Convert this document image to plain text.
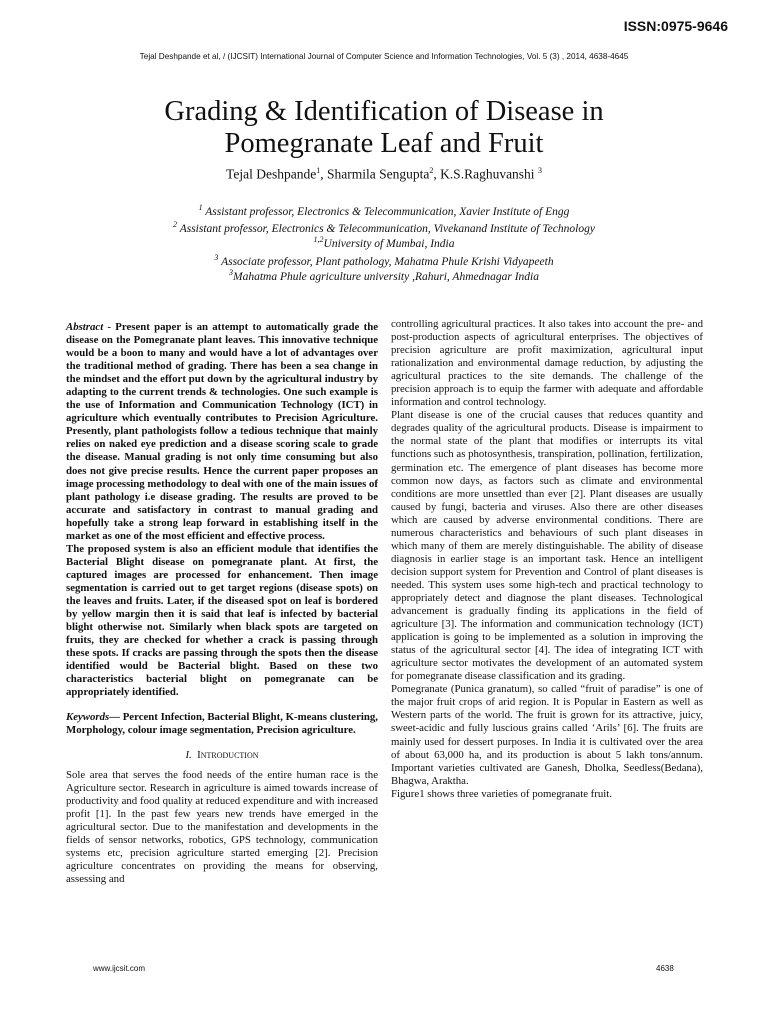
ISSN:0975-9646
Tejal Deshpande et al, / (IJCSIT) International Journal of Computer Science and Information Technologies, Vol. 5 (3) , 2014, 4638-4645
Grading & Identification of Disease in
Pomegranate Leaf and Fruit
Tejal Deshpande$^1$, Sharmila Sengupta$^2$, K.S.Raghuvanshi $^3$
$^1$ Assistant professor, Electronics & Telecommunication, Xavier Institute of Engg
$^2$ Assistant professor, Electronics & Telecommunication, Vivekanand Institute of Technology
$^{1,2}$University of Mumbai, India
$^3$ Associate professor, Plant pathology, Mahatma Phule Krishi Vidyapeeth
$^3$Mahatma Phule agriculture university ,Rahuri, Ahmednagar India

Abstract - Present paper is an attempt to automatically grade the disease on the Pomegranate plant leaves. This innovative technique would be a boon to many and would have a lot of advantages over the traditional method of grading. There has been a sea change in the mindset and the effort put down by the agricultural industry by adapting to the current trends & technologies. One such example is the use of Information and Communication Technology (ICT) in agriculture which eventually contributes to Precision Agriculture. Presently, plant pathologists follow a tedious technique that mainly relies on naked eye prediction and a disease scoring scale to grade the disease. Manual grading is not only time consuming but also does not give precise results. Hence the current paper proposes an image processing methodology to deal with one of the main issues of plant pathology i.e disease grading. The results are proved to be accurate and satisfactory in contrast to manual grading and hopefully take a strong leap forward in establishing itself in the market as one of the most efficient and effective process.

The proposed system is also an efficient module that identifies the Bacterial Blight disease on pomegranate plant. At first, the captured images are processed for enhancement. Then image segmentation is carried out to get target regions (disease spots) on the leaves and fruits. Later, if the diseased spot on leaf is bordered by yellow margin then it is said that leaf is infected by bacterial blight otherwise not. Similarly when black spots are targeted on fruits, they are checked for whether a crack is passing through these spots. If cracks are passing through the spots then the disease identified would be Bacterial blight. Based on these two characteristics bacterial blight on pomegranate can be appropriately identified.

Keywords— Percent Infection, Bacterial Blight, K-means clustering, Morphology, colour image segmentation, Precision agriculture.

I. Introduction

Sole area that serves the food needs of the entire human race is the Agriculture sector. Research in agriculture is aimed towards increase of productivity and food quality at reduced expenditure and with increased profit [1]. In the past few years new trends have emerged in the agricultural sector. Due to the manifestation and developments in the fields of sensor networks, robotics, GPS technology, communication systems etc, precision agriculture started emerging [2]. Precision agriculture concentrates on providing the means for observing, assessing and

controlling agricultural practices. It also takes into account the pre- and post-production aspects of agricultural enterprises. The objectives of precision agriculture are profit maximization, agricultural input rationalization and environmental damage reduction, by adjusting the agricultural practices to the site demands. The challenge of the precision approach is to equip the farmer with adequate and affordable information and control technology.

Plant disease is one of the crucial causes that reduces quantity and degrades quality of the agricultural products. Disease is impairment to the normal state of the plant that modifies or interrupts its vital functions such as photosynthesis, transpiration, pollination, fertilization, germination etc. The emergence of plant diseases has become more common now days, as factors such as climate and environmental conditions are more unsettled than ever [2]. Plant diseases are usually caused by fungi, bacteria and viruses. Also there are other diseases which are caused by adverse environmental conditions. There are numerous characteristics and behaviours of such plant diseases in which many of them are merely distinguishable. The ability of disease diagnosis in earlier stage is an important task. Hence an intelligent decision support system for Prevention and Control of plant diseases is needed. This system uses some high-tech and practical technology to appropriately detect and diagnose the plant diseases. Technological advancement is gradually finding its applications in the field of agriculture [3]. The information and communication technology (ICT) application is going to be implemented as a solution in improving the status of the agricultural sector [4]. The idea of integrating ICT with agriculture sector motivates the development of an automated system for pomegranate disease classification and its grading.

Pomegranate (Punica granatum), so called “fruit of paradise” is one of the major fruit crops of arid region. It is Popular in Eastern as well as Western parts of the world. The fruit is grown for its attractive, juicy, sweet-acidic and fully luscious grains called ‘Arils’ [6]. The fruits are mainly used for dessert purposes. In India it is cultivated over the area of about 63,000 ha, and its production is about 5 lakh tons/annum. Important varieties cultivated are Ganesh, Dholka, Seedless(Bedana), Bhagwa, Araktha.

Figure1 shows three varieties of pomegranate fruit.

www.ijcsit.com	4638
